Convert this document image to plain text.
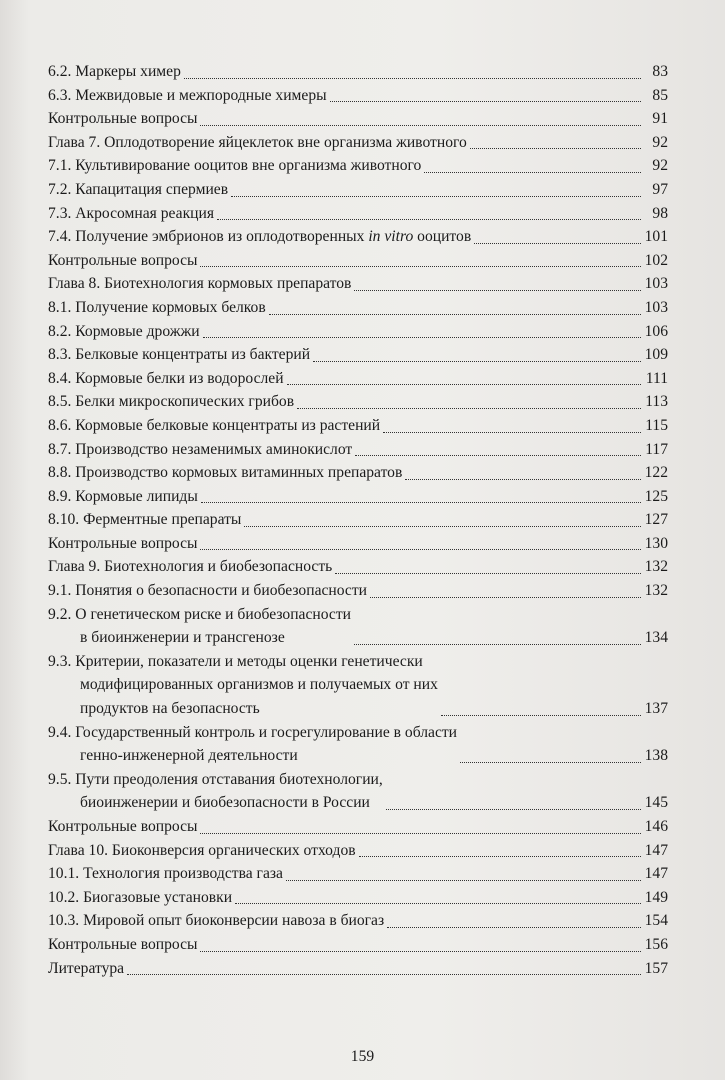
6.2. Маркеры химер	83
6.3. Межвидовые и межпородные химеры	85
Контрольные вопросы	91
Глава 7. Оплодотворение яйцеклеток вне организма животного	92
7.1. Культивирование ооцитов вне организма животного	92
7.2. Капацитация спермиев	97
7.3. Акросомная реакция	98
7.4. Получение эмбрионов из оплодотворенных in vitro ооцитов	101
Контрольные вопросы	102
Глава 8. Биотехнология кормовых препаратов	103
8.1. Получение кормовых белков	103
8.2. Кормовые дрожжи	106
8.3. Белковые концентраты из бактерий	109
8.4. Кормовые белки из водорослей	111
8.5. Белки микроскопических грибов	113
8.6. Кормовые белковые концентраты из растений	115
8.7. Производство незаменимых аминокислот	117
8.8. Производство кормовых витаминных препаратов	122
8.9. Кормовые липиды	125
8.10. Ферментные препараты	127
Контрольные вопросы	130
Глава 9. Биотехнология и биобезопасность	132
9.1. Понятия о безопасности и биобезопасности	132
9.2. О генетическом риске и биобезопасности
в биоинженерии и трансгенозе	134
9.3. Критерии, показатели и методы оценки генетически
модифицированных организмов и получаемых от них
продуктов на безопасность	137
9.4. Государственный контроль и госрегулирование в области
генно-инженерной деятельности	138
9.5. Пути преодоления отставания биотехнологии,
биоинженерии и биобезопасности в России	145
Контрольные вопросы	146
Глава 10. Биоконверсия органических отходов	147
10.1. Технология производства газа	147
10.2. Биогазовые установки	149
10.3. Мировой опыт биоконверсии навоза в биогаз	154
Контрольные вопросы	156
Литература	157
159
